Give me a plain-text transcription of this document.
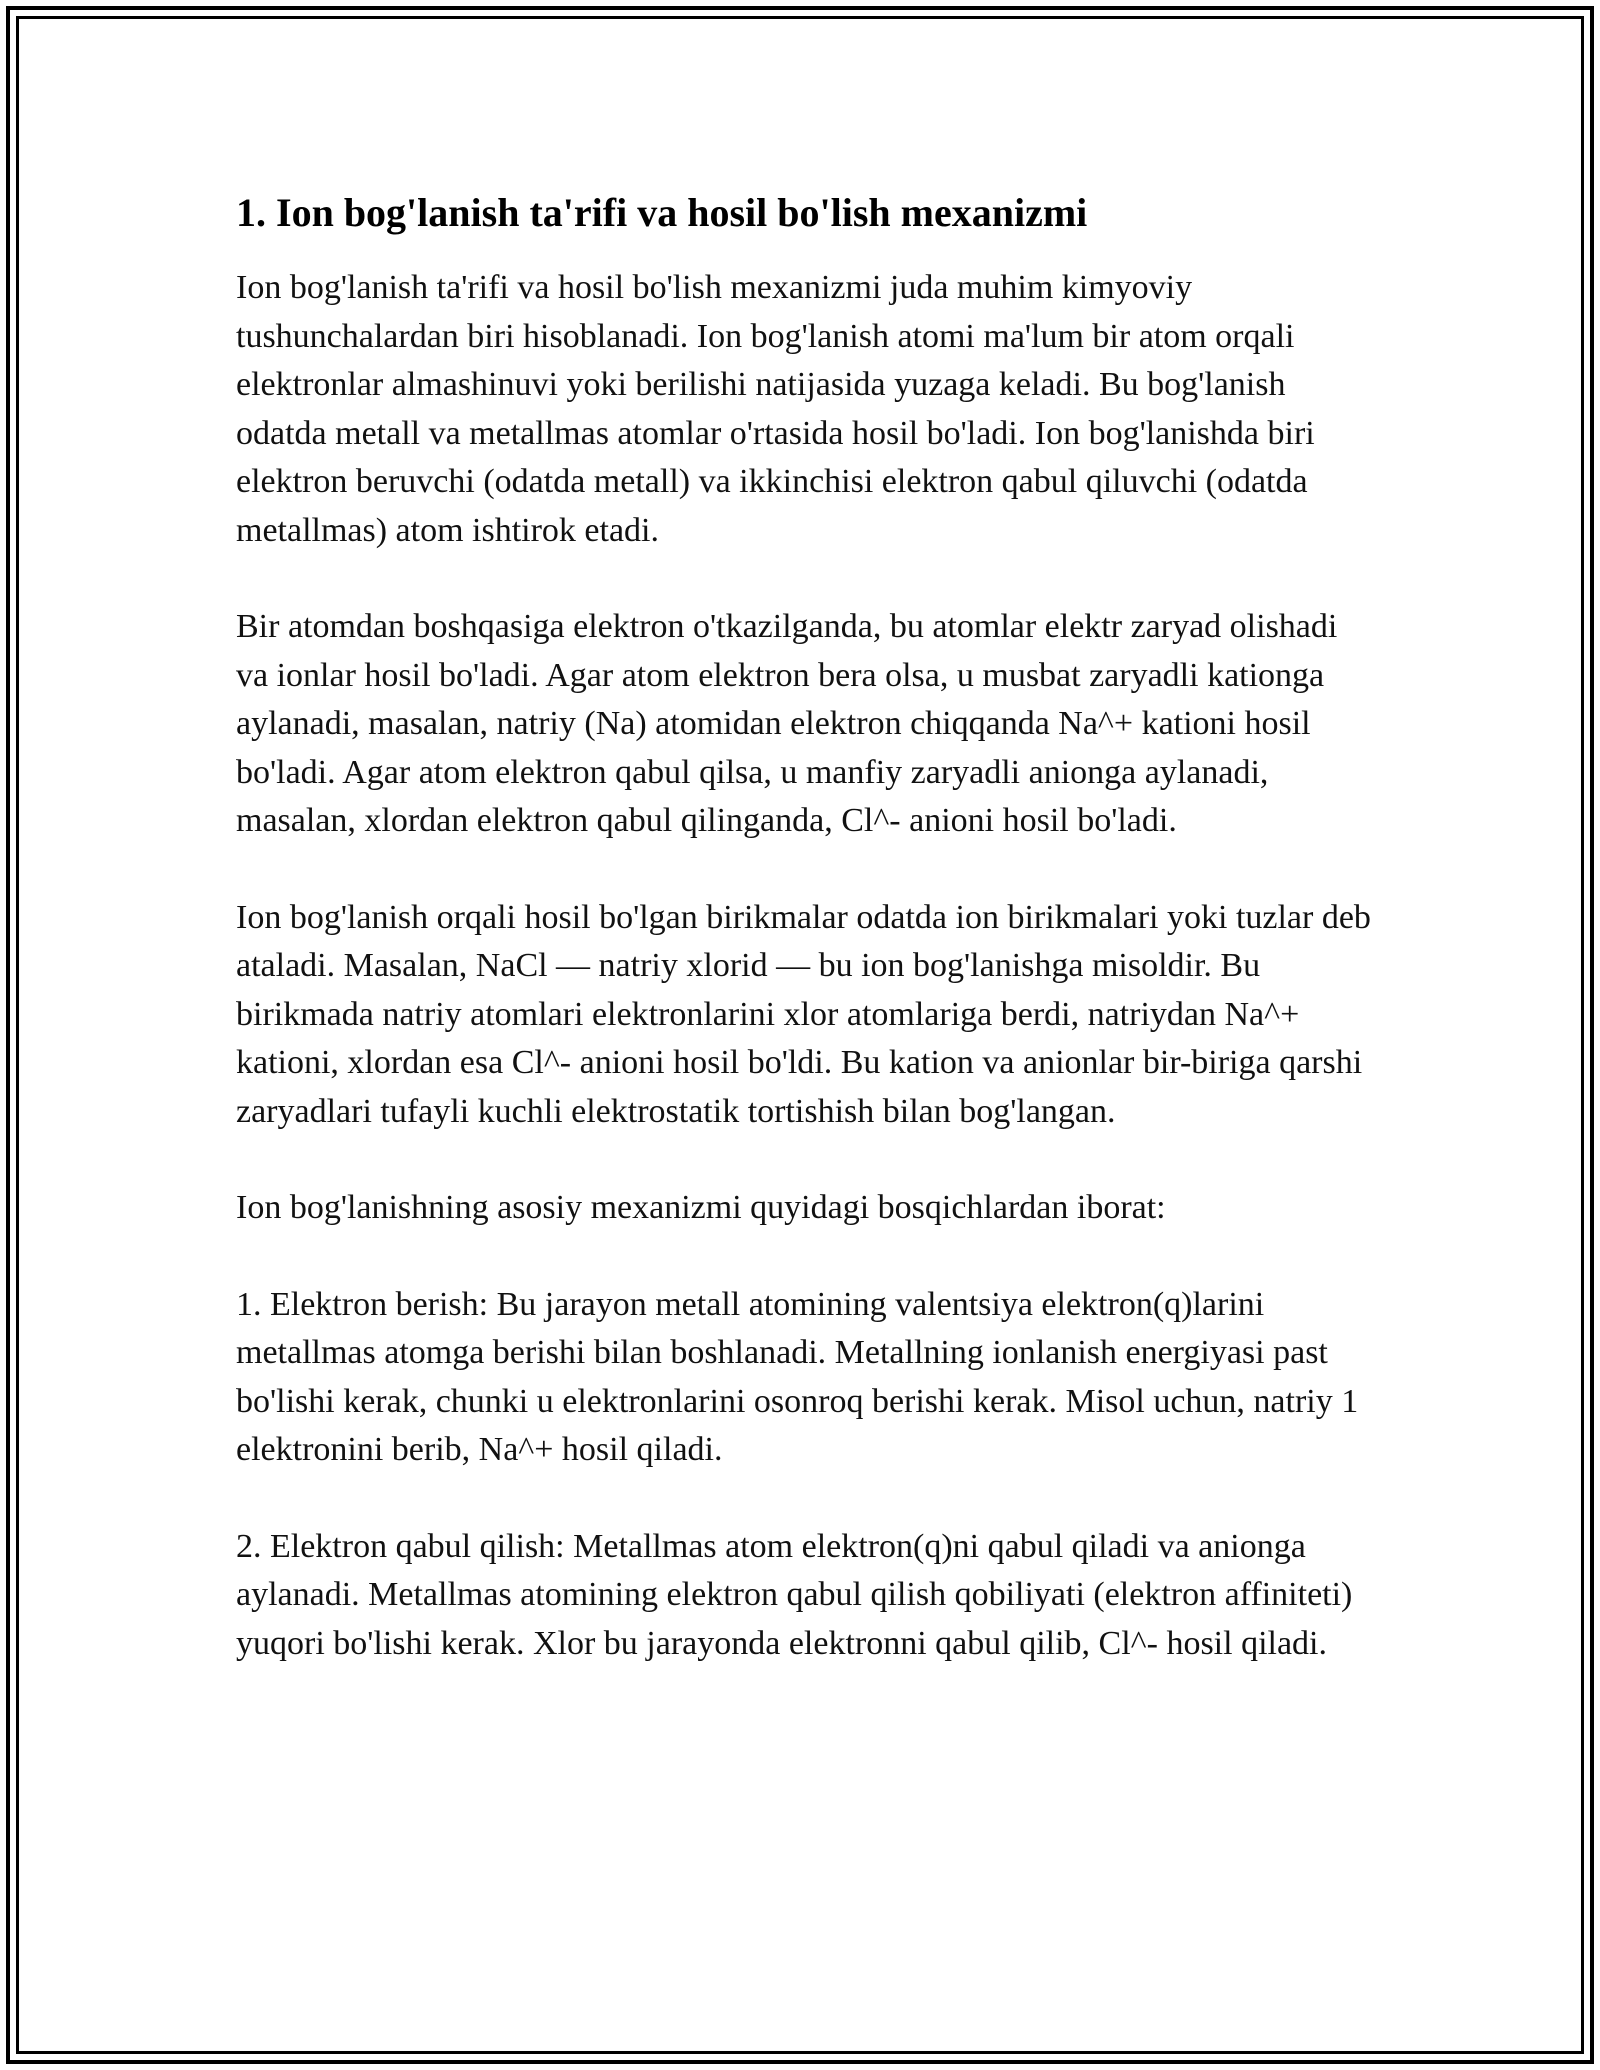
1. Ion bog'lanish ta'rifi va hosil bo'lish mexanizmi

Ion bog'lanish ta'rifi va hosil bo'lish mexanizmi juda muhim kimyoviy tushunchalardan biri hisoblanadi. Ion bog'lanish atomi ma'lum bir atom orqali elektronlar almashinuvi yoki berilishi natijasida yuzaga keladi. Bu bog'lanish odatda metall va metallmas atomlar o'rtasida hosil bo'ladi. Ion bog'lanishda biri elektron beruvchi (odatda metall) va ikkinchisi elektron qabul qiluvchi (odatda metallmas) atom ishtirok etadi.

Bir atomdan boshqasiga elektron o'tkazilganda, bu atomlar elektr zaryad olishadi va ionlar hosil bo'ladi. Agar atom elektron bera olsa, u musbat zaryadli kationga aylanadi, masalan, natriy (Na) atomidan elektron chiqqanda Na^+ kationi hosil bo'ladi. Agar atom elektron qabul qilsa, u manfiy zaryadli anionga aylanadi, masalan, xlordan elektron qabul qilinganda, Cl^- anioni hosil bo'ladi.

Ion bog'lanish orqali hosil bo'lgan birikmalar odatda ion birikmalari yoki tuzlar deb ataladi. Masalan, NaCl — natriy xlorid — bu ion bog'lanishga misoldir. Bu birikmada natriy atomlari elektronlarini xlor atomlariga berdi, natriydan Na^+ kationi, xlordan esa Cl^- anioni hosil bo'ldi. Bu kation va anionlar bir-biriga qarshi zaryadlari tufayli kuchli elektrostatik tortishish bilan bog'langan.

Ion bog'lanishning asosiy mexanizmi quyidagi bosqichlardan iborat:

1. Elektron berish: Bu jarayon metall atomining valentsiya elektron(q)larini metallmas atomga berishi bilan boshlanadi. Metallning ionlanish energiyasi past bo'lishi kerak, chunki u elektronlarini osonroq berishi kerak. Misol uchun, natriy 1 elektronini berib, Na^+ hosil qiladi.

2. Elektron qabul qilish: Metallmas atom elektron(q)ni qabul qiladi va anionga aylanadi. Metallmas atomining elektron qabul qilish qobiliyati (elektron affiniteti) yuqori bo'lishi kerak. Xlor bu jarayonda elektronni qabul qilib, Cl^- hosil qiladi.
